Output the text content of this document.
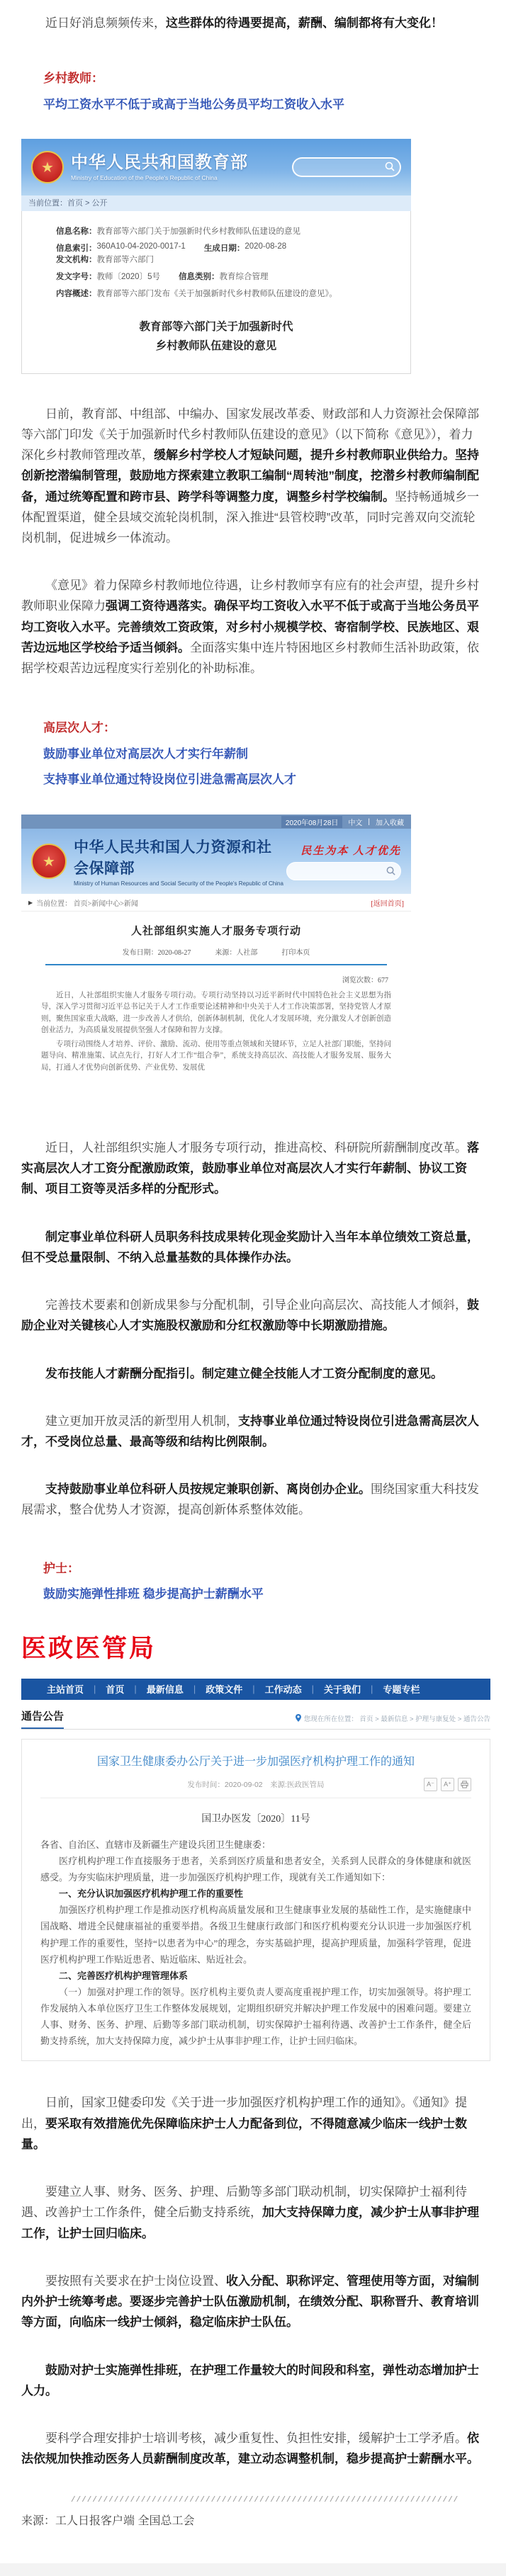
近日好消息频频传来，这些群体的待遇要提高，薪酬、编制都将有大变化！

乡村教师：
平均工资水平不低于或高于当地公务员平均工资收入水平
★	中华人民共和国教育部
Ministry of Education of the People's Republic of China
当前位置：首页 > 公开
信息名称： 教育部等六部门关于加强新时代乡村教师队伍建设的意见
信息索引： 360A10-04-2020-0017-1 生成日期： 2020-08-28
发文机构： 教育部等六部门
发文字号： 教师〔2020〕5号 信息类别： 教育综合管理
内容概述： 教育部等六部门发布《关于加强新时代乡村教师队伍建设的意见》。
教育部等六部门关于加强新时代
乡村教师队伍建设的意见

日前，教育部、中组部、中编办、国家发展改革委、财政部和人力资源社会保障部等六部门印发《关于加强新时代乡村教师队伍建设的意见》（以下简称《意见》），着力深化乡村教师管理改革，缓解乡村学校人才短缺问题，提升乡村教师职业供给力。坚持创新挖潜编制管理，鼓励地方探索建立教职工编制“周转池”制度，挖潜乡村教师编制配备，通过统筹配置和跨市县、跨学科等调整力度，调整乡村学校编制。坚持畅通城乡一体配置渠道，健全县域交流轮岗机制，深入推进“县管校聘”改革，同时完善双向交流轮岗机制，促进城乡一体流动。

《意见》着力保障乡村教师地位待遇，让乡村教师享有应有的社会声望，提升乡村教师职业保障力强调工资待遇落实。确保平均工资收入水平不低于或高于当地公务员平均工资收入水平。完善绩效工资政策，对乡村小规模学校、寄宿制学校、民族地区、艰苦边远地区学校给予适当倾斜。全面落实集中连片特困地区乡村教师生活补助政策，依据学校艰苦边远程度实行差别化的补助标准。

高层次人才：
鼓励事业单位对高层次人才实行年薪制
支持事业单位通过特设岗位引进急需高层次人才
2020年08月28日	中文 | 加入收藏
★
中华人民共和国人力资源和社会保障部
Ministry of Human Resources and Social Security of the People's Republic of China
民生为本 人才优先
▶ 当前位置： 首页>新闻中心>新闻	[返回首页]
人社部组织实施人才服务专项行动
发布日期：2020-08-27	来源：人社部	打印本页
浏览次数：677

近日，人社部组织实施人才服务专项行动。专项行动坚持以习近平新时代中国特色社会主义思想为指导，深入学习贯彻习近平总书记关于人才工作重要论述精神和中央关于人才工作决策部署，坚持党管人才原则，聚焦国家重大战略，进一步改善人才供给，创新体制机制，优化人才发展环境，充分激发人才创新创造创业活力，为高质量发展提供坚强人才保障和智力支撑。

专项行动围绕人才培养、评价、激励、流动、使用等重点领域和关键环节，立足人社部门职能，坚持问题导向、精准施策、试点先行，打好人才工作“组合拳”，系统支持高层次、高技能人才服务发展、服务大局，打通人才优势向创新优势、产业优势、发展优

近日，人社部组织实施人才服务专项行动，推进高校、科研院所薪酬制度改革。落实高层次人才工资分配激励政策，鼓励事业单位对高层次人才实行年薪制、协议工资制、项目工资等灵活多样的分配形式。

制定事业单位科研人员职务科技成果转化现金奖励计入当年本单位绩效工资总量，但不受总量限制、不纳入总量基数的具体操作办法。

完善技术要素和创新成果参与分配机制，引导企业向高层次、高技能人才倾斜，鼓励企业对关键核心人才实施股权激励和分红权激励等中长期激励措施。

发布技能人才薪酬分配指引。制定建立健全技能人才工资分配制度的意见。

建立更加开放灵活的新型用人机制，支持事业单位通过特设岗位引进急需高层次人才，不受岗位总量、最高等级和结构比例限制。

支持鼓励事业单位科研人员按规定兼职创新、离岗创办企业。围绕国家重大科技发展需求，整合优势人才资源，提高创新体系整体效能。

护士：
鼓励实施弹性排班 稳步提高护士薪酬水平
医政医管局
主站首页	|	首页	|	最新信息	|	政策文件	|	工作动态	|	关于我们	|	专题专栏
通告公告	您现在所在位置： 首页 > 最新信息 > 护理与康复处 > 通告公告
国家卫生健康委办公厅关于进一步加强医疗机构护理工作的通知
发布时间：2020-09-02　来源:医政医管局	A⁻	A⁺
国卫办医发〔2020〕11号

各省、自治区、直辖市及新疆生产建设兵团卫生健康委：

医疗机构护理工作直接服务于患者，关系到医疗质量和患者安全，关系到人民群众的身体健康和就医感受。为夯实临床护理质量，进一步加强医疗机构护理工作，现就有关工作通知如下：

一、充分认识加强医疗机构护理工作的重要性

加强医疗机构护理工作是推动医疗机构高质量发展和卫生健康事业发展的基础性工作，是实施健康中国战略、增进全民健康福祉的重要举措。各级卫生健康行政部门和医疗机构要充分认识进一步加强医疗机构护理工作的重要性，坚持“以患者为中心”的理念，夯实基础护理，提高护理质量，加强科学管理，促进医疗机构护理工作贴近患者、贴近临床、贴近社会。

二、完善医疗机构护理管理体系

（一）加强对护理工作的领导。医疗机构主要负责人要高度重视护理工作，切实加强领导。将护理工作发展纳入本单位医疗卫生工作整体发展规划，定期组织研究并解决护理工作发展中的困难问题。要建立人事、财务、医务、护理、后勤等多部门联动机制，切实保障护士福利待遇、改善护士工作条件，健全后勤支持系统，加大支持保障力度，减少护士从事非护理工作，让护士回归临床。

日前，国家卫健委印发《关于进一步加强医疗机构护理工作的通知》。《通知》提出，要采取有效措施优先保障临床护士人力配备到位，不得随意减少临床一线护士数量。

要建立人事、财务、医务、护理、后勤等多部门联动机制，切实保障护士福利待遇、改善护士工作条件，健全后勤支持系统，加大支持保障力度，减少护士从事非护理工作，让护士回归临床。

要按照有关要求在护士岗位设置、收入分配、职称评定、管理使用等方面，对编制内外护士统筹考虑。要逐步完善护士队伍激励机制，在绩效分配、职称晋升、教育培训等方面，向临床一线护士倾斜，稳定临床护士队伍。

鼓励对护士实施弹性排班，在护理工作量较大的时间段和科室，弹性动态增加护士人力。

要科学合理安排护士培训考核，减少重复性、负担性安排，缓解护士工学矛盾。依法依规加快推动医务人员薪酬制度改革，建立动态调整机制，稳步提高护士薪酬水平。

////////////////////////////////////////////////////////////////////////
来源：工人日报客户端 全国总工会
